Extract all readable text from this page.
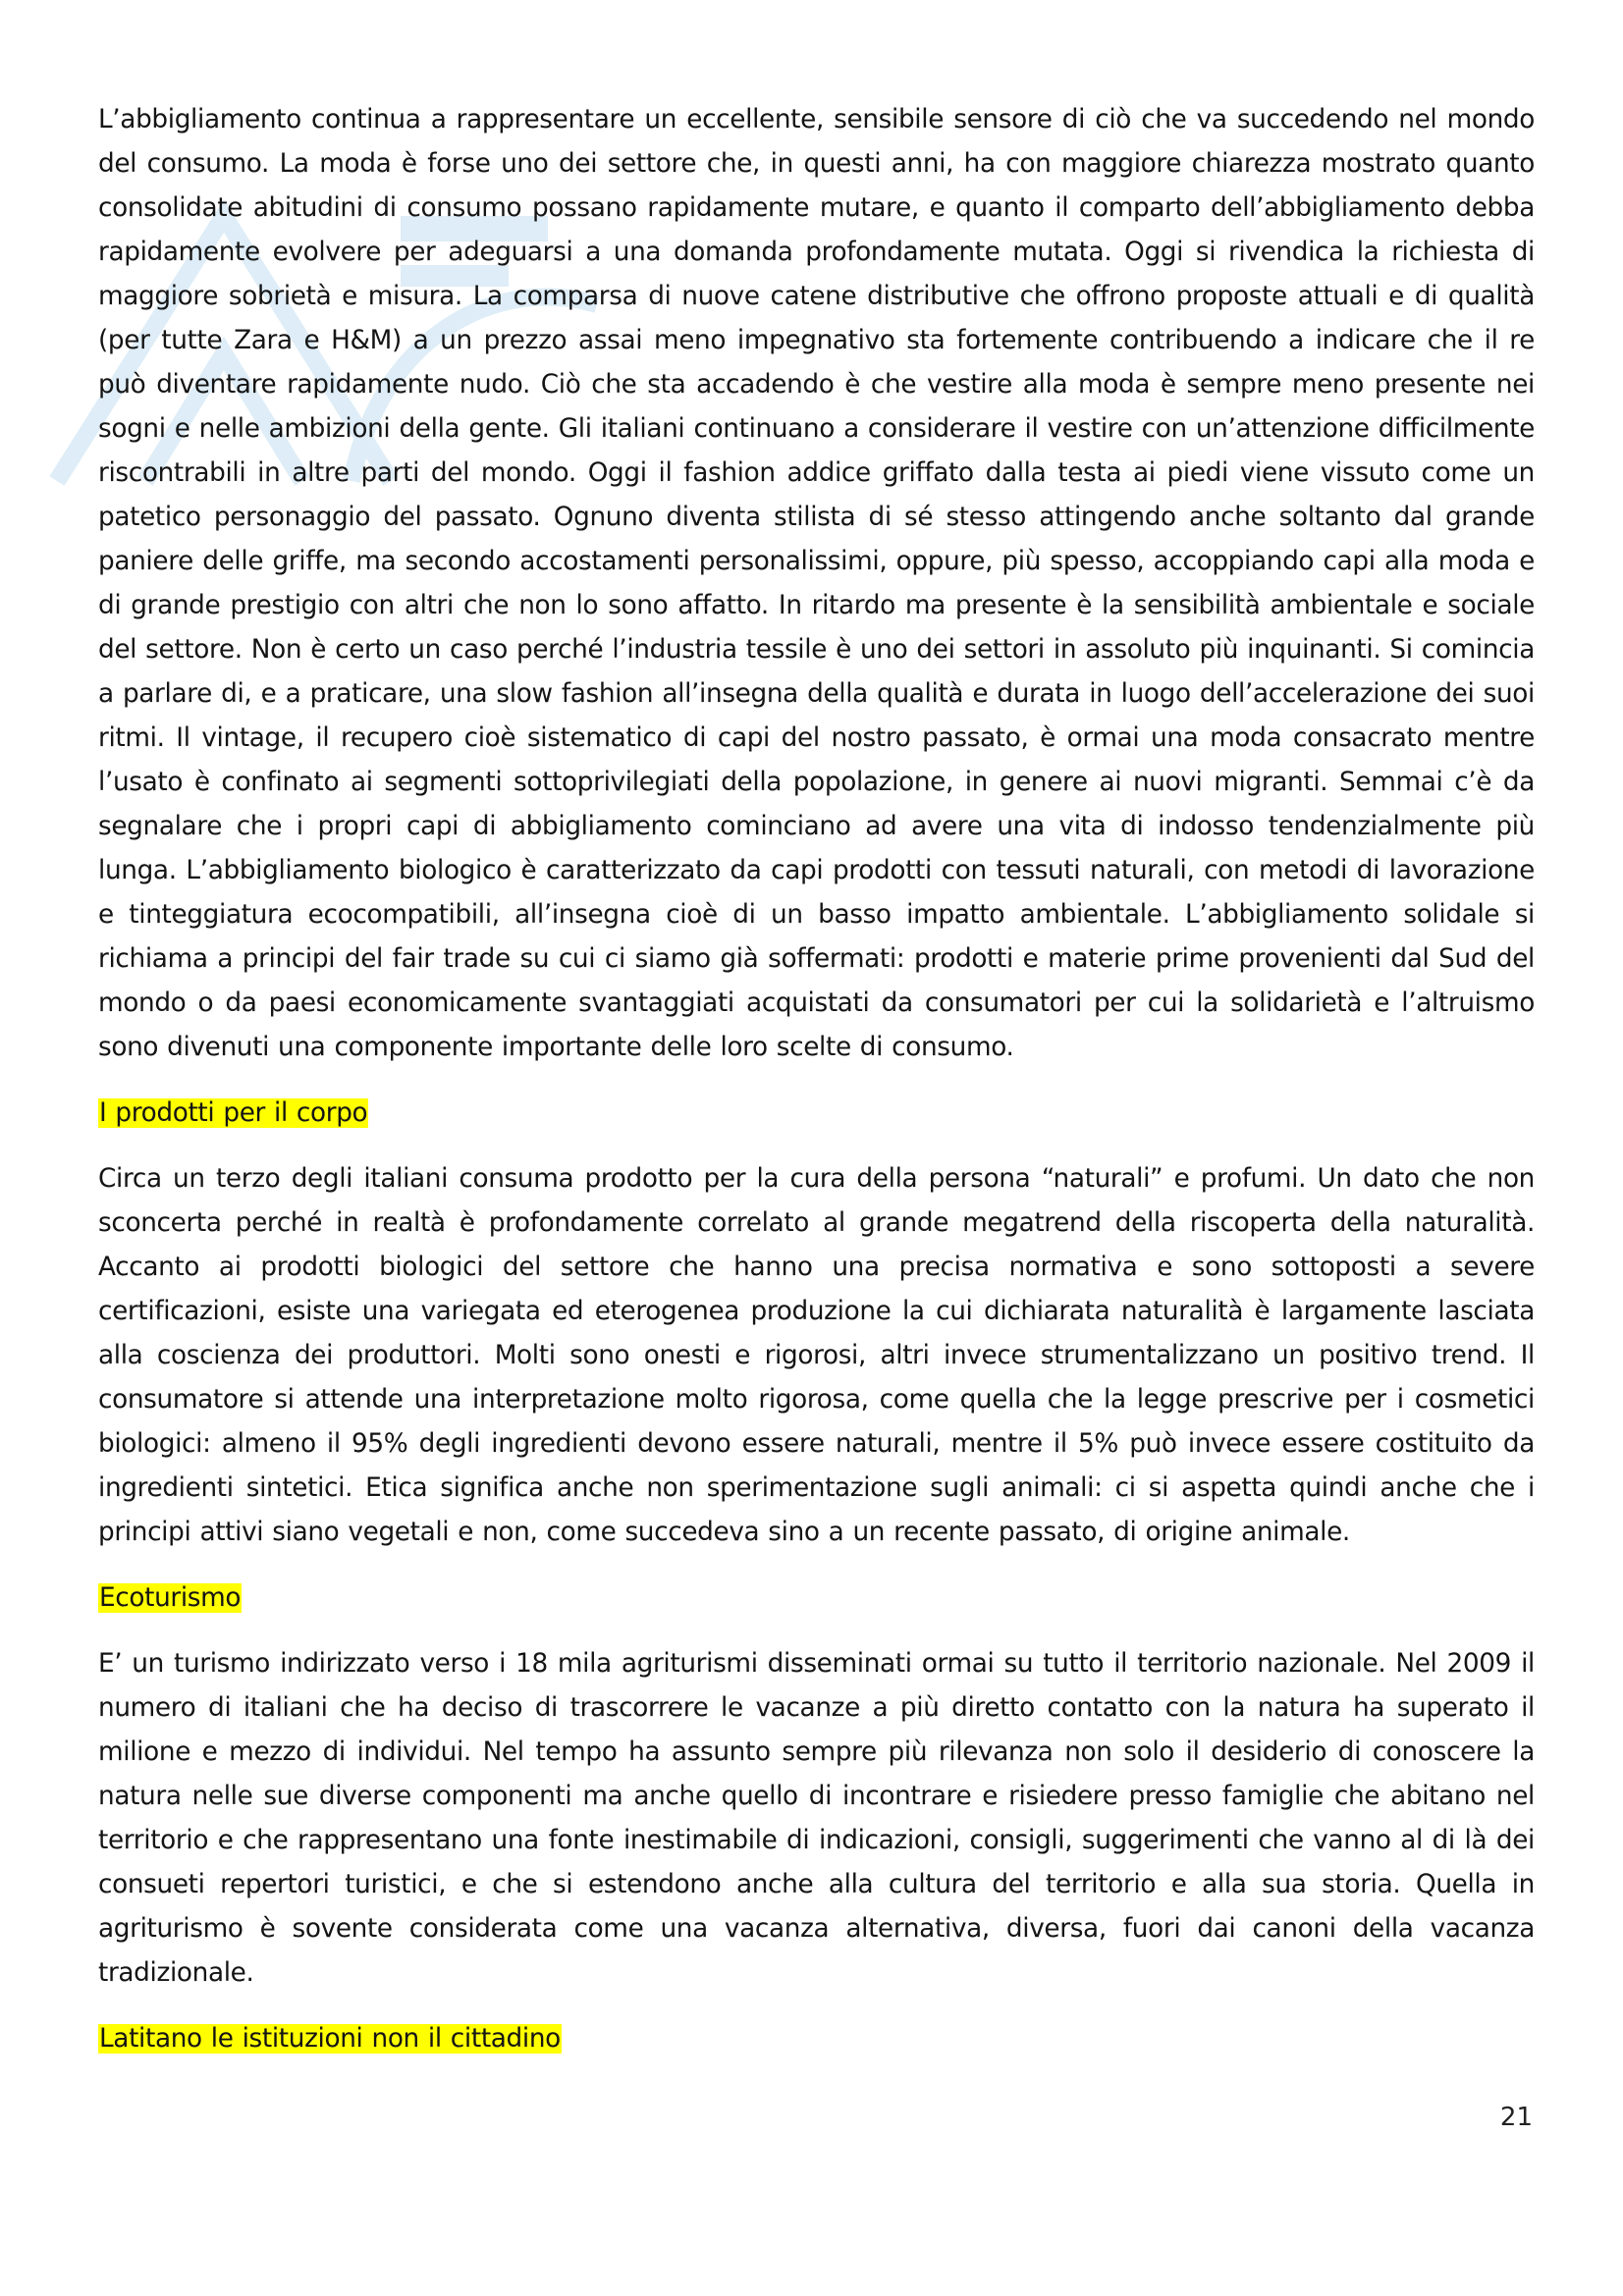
L’abbigliamento continua a rappresentare un eccellente, sensibile sensore di ciò che va succedendo nel mondo del consumo. La moda è forse uno dei settore che, in questi anni, ha con maggiore chiarezza mostrato quanto consolidate abitudini di consumo possano rapidamente mutare, e quanto il comparto dell’abbigliamento debba rapidamente evolvere per adeguarsi a una domanda profondamente mutata. Oggi si rivendica la richiesta di maggiore sobrietà e misura. La comparsa di nuove catene distributive che offrono proposte attuali e di qualità (per tutte Zara e H&M) a un prezzo assai meno impegnativo sta fortemente contribuendo a indicare che il re può diventare rapidamente nudo. Ciò che sta accadendo è che vestire alla moda è sempre meno presente nei sogni e nelle ambizioni della gente. Gli italiani continuano a considerare il vestire con un’attenzione difficilmente riscontrabili in altre parti del mondo. Oggi il fashion addice griffato dalla testa ai piedi viene vissuto come un patetico personaggio del passato. Ognuno diventa stilista di sé stesso attingendo anche soltanto dal grande paniere delle griffe, ma secondo accostamenti personalissimi, oppure, più spesso, accoppiando capi alla moda e di grande prestigio con altri che non lo sono affatto. In ritardo ma presente è la sensibilità ambientale e sociale del settore. Non è certo un caso perché l’industria tessile è uno dei settori in assoluto più inquinanti. Si comincia a parlare di, e a praticare, una slow fashion all’insegna della qualità e durata in luogo dell’accelerazione dei suoi ritmi. Il vintage, il recupero cioè sistematico di capi del nostro passato, è ormai una moda consacrato mentre l’usato è confinato ai segmenti sottoprivilegiati della popolazione, in genere ai nuovi migranti. Semmai c’è da segnalare che i propri capi di abbigliamento cominciano ad avere una vita di indosso tendenzialmente più lunga. L’abbigliamento biologico è caratterizzato da capi prodotti con tessuti naturali, con metodi di lavorazione e tinteggiatura ecocompatibili, all’insegna cioè di un basso impatto ambientale. L’abbigliamento solidale si richiama a principi del fair trade su cui ci siamo già soffermati: prodotti e materie prime provenienti dal Sud del mondo o da paesi economicamente svantaggiati acquistati da consumatori per cui la solidarietà e l’altruismo sono divenuti una componente importante delle loro scelte di consumo.

I prodotti per il corpo

Circa un terzo degli italiani consuma prodotto per la cura della persona “naturali” e profumi. Un dato che non sconcerta perché in realtà è profondamente correlato al grande megatrend della riscoperta della naturalità. Accanto ai prodotti biologici del settore che hanno una precisa normativa e sono sottoposti a severe certificazioni, esiste una variegata ed eterogenea produzione la cui dichiarata naturalità è largamente lasciata alla coscienza dei produttori. Molti sono onesti e rigorosi, altri invece strumentalizzano un positivo trend. Il consumatore si attende una interpretazione molto rigorosa, come quella che la legge prescrive per i cosmetici biologici: almeno il 95% degli ingredienti devono essere naturali, mentre il 5% può invece essere costituito da ingredienti sintetici. Etica significa anche non sperimentazione sugli animali: ci si aspetta quindi anche che i principi attivi siano vegetali e non, come succedeva sino a un recente passato, di origine animale.

Ecoturismo

E’ un turismo indirizzato verso i 18 mila agriturismi disseminati ormai su tutto il territorio nazionale. Nel 2009 il numero di italiani che ha deciso di trascorrere le vacanze a più diretto contatto con la natura ha superato il milione e mezzo di individui. Nel tempo ha assunto sempre più rilevanza non solo il desiderio di conoscere la natura nelle sue diverse componenti ma anche quello di incontrare e risiedere presso famiglie che abitano nel territorio e che rappresentano una fonte inestimabile di indicazioni, consigli, suggerimenti che vanno al di là dei consueti repertori turistici, e che si estendono anche alla cultura del territorio e alla sua storia. Quella in agriturismo è sovente considerata come una vacanza alternativa, diversa, fuori dai canoni della vacanza tradizionale.

Latitano le istituzioni non il cittadino
21
